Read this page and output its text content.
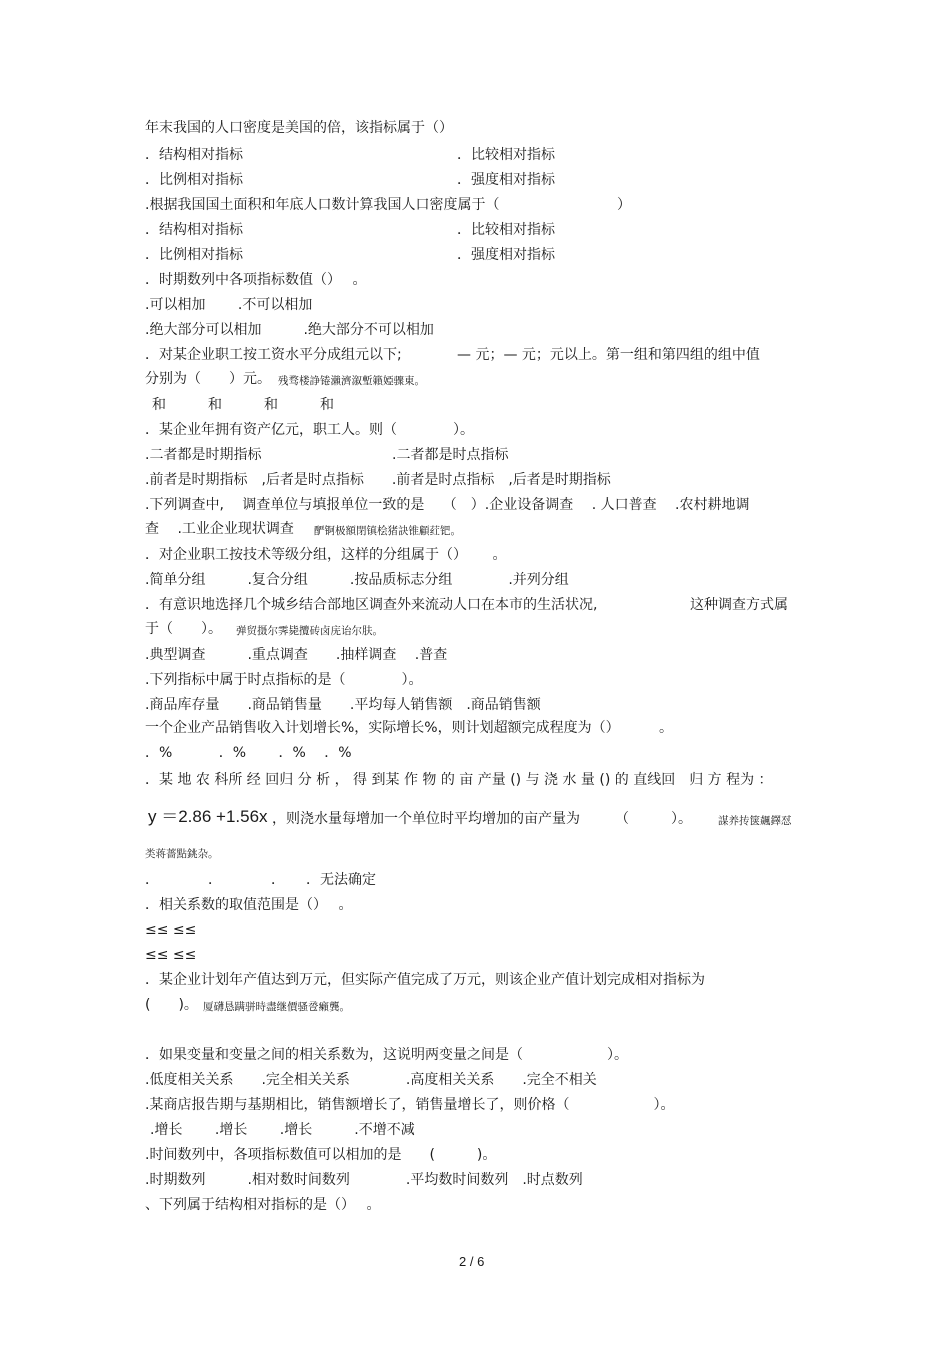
年末我国的人口密度是美国的倍，该指标属于（）
．结构相对指标	．比较相对指标
．比例相对指标	．强度相对指标
.根据我国国土面积和年底人口数计算我国人口密度属于（	）
．结构相对指标	．比较相对指标
．比例相对指标	．强度相对指标
．时期数列中各项指标数值（）　 。
.可以相加　　 .不可以相加
.绝大部分可以相加　　　.绝大部分不可以相加
．对某企业职工按工资水平分成组元以下;	— 元；— 元；元以上。第一组和第四组的组中值
分别为（　　）元。 残骛楼諍锩瀨濟溆塹籟婭骤東。
和　　　和　　　和　　　和
．某企业年拥有资产亿元，职工人。则（　　　　）。
.二者都是时期指标	.二者都是时点指标
.前者是时期指标　,后者是时点指标　　.前者是时点指标　,后者是时期指标
.下列调查中,　 调查单位与填报单位一致的是　 （　）.企业设备调查　 . 人口普查　 .农村耕地调
查　 .工业企业现状调查 酽锕极額閉镇桧猪訣锥顧荭钯。
．对企业职工按技术等级分组，这样的分组属于（）　　 。
.简单分组　　　.复合分组　　　.按品质标志分组　　　　.并列分组
．有意识地选择几个城乡结合部地区调查外来流动人口在本市的生活状况,	这种调查方式属
于（　　）。 弹贸摄尔霁毙攬砖卤庑诒尔肤。
.典型调查　　　.重点调查　　.抽样调查　 .普查
.下列指标中属于时点指标的是（　　　　）。
.商品库存量　　.商品销售量　　.平均每人销售额　.商品销售额
一个企业产品销售收入计划增长%，实际增长%，则计划超额完成程度为（）　　　 。
．%　　　 ．%　　 ．%　 ．%
．某 地 农 科所 经 回归 分 析 ， 得 到某 作 物 的 亩 产量 () 与 浇 水 量 () 的 直线回　归 方 程为 ：
y ＝2.86 +1.56x ，则浇水量每增加一个单位时平均增加的亩产量为　　　（　　　）。 謀养抟箧飆鐸怼
类蒋薔點銚杂。
．　　　　．　　　　．　　．无法确定
．相关系数的取值范围是（）　 。
≤≤ ≤≤
≤≤ ≤≤
．某企业计划年产值达到万元，但实际产值完成了万元，则该企业产值计划完成相对指标为
(　　)。 厦礴恳蹒骈時盡继價骚卺癩龔。
．如果变量和变量之间的相关系数为，这说明两变量之间是（　　　　　　）。
.低度相关关系　　.完全相关关系　　　　.高度相关关系　　.完全不相关
.某商店报告期与基期相比，销售额增长了，销售量增长了，则价格（　　　　　　）。
.增长　　 .增长　　 .增长　　　.不增不减
.时间数列中，各项指标数值可以相加的是　　(　　　)。
.时期数列　　　.相对数时间数列　　　　.平均数时间数列　.时点数列
、下列属于结构相对指标的是（）　 。
2 / 6
